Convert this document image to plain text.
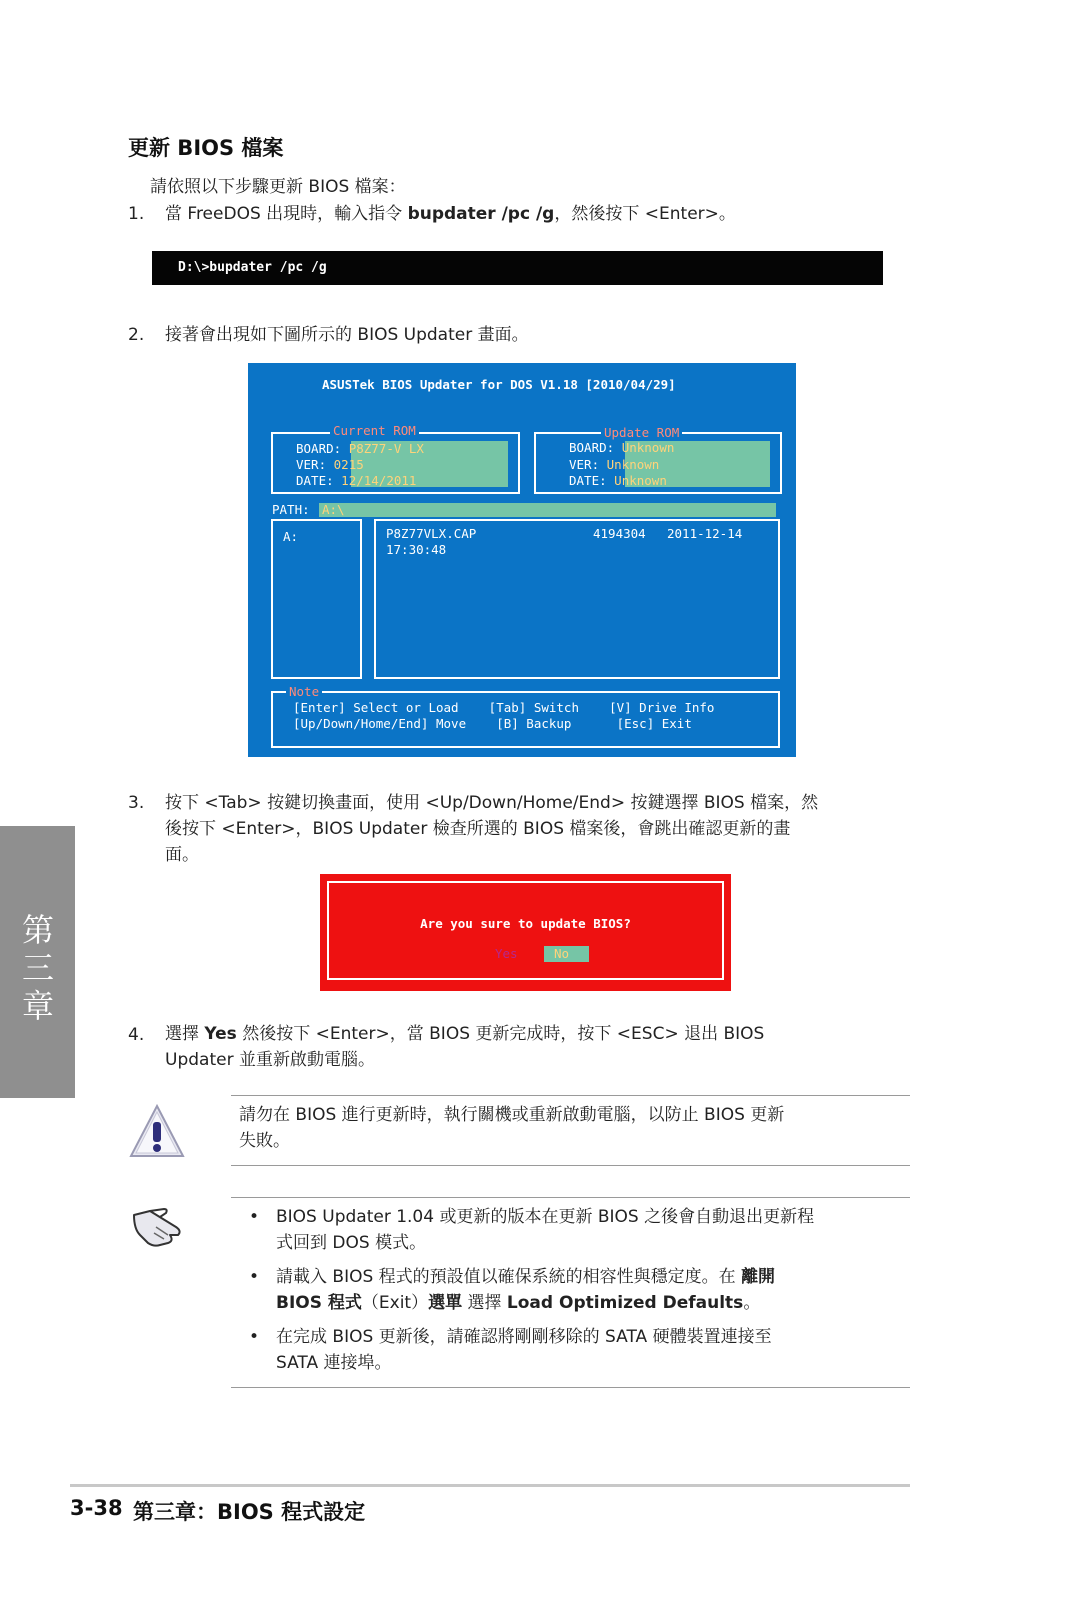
更新 BIOS 檔案
請依照以下步驟更新 BIOS 檔案：
1. 當 FreeDOS 出現時，輸入指令 bupdater /pc /g，然後按下 <Enter>。
D:\>bupdater /pc /g
2. 接著會出現如下圖所示的 BIOS Updater 畫面。
ASUSTek BIOS Updater for DOS V1.18 [2010/04/29]
Current ROM
BOARD: P8Z77-V LX
VER: 0215
DATE: 12/14/2011
Update ROM
BOARD: Unknown
VER: Unknown
DATE: Unknown
PATH: A:\
A:	P8Z77VLX.CAP	4194304 2011-12-14
17:30:48
Note
[Enter] Select or Load    [Tab] Switch    [V] Drive Info
[Up/Down/Home/End] Move    [B] Backup      [Esc] Exit
3. 按下 <Tab> 按鍵切換畫面，使用 <Up/Down/Home/End> 按鍵選擇 BIOS 檔案，然
後按下 <Enter>，BIOS Updater 檢查所選的 BIOS 檔案後，會跳出確認更新的畫
面。
Are you sure to update BIOS?
Yes	No
第三章
4. 選擇 Yes 然後按下 <Enter>，當 BIOS 更新完成時，按下 <ESC> 退出 BIOS
Updater 並重新啟動電腦。
請勿在 BIOS 進行更新時，執行關機或重新啟動電腦，以防止 BIOS 更新
失敗。
• BIOS Updater 1.04 或更新的版本在更新 BIOS 之後會自動退出更新程
式回到 DOS 模式。
• 請載入 BIOS 程式的預設值以確保系統的相容性與穩定度。在 離開
BIOS 程式（Exit）選單 選擇 Load Optimized Defaults。
• 在完成 BIOS 更新後，請確認將剛剛移除的 SATA 硬體裝置連接至
SATA 連接埠。
3-38 第三章：BIOS 程式設定
